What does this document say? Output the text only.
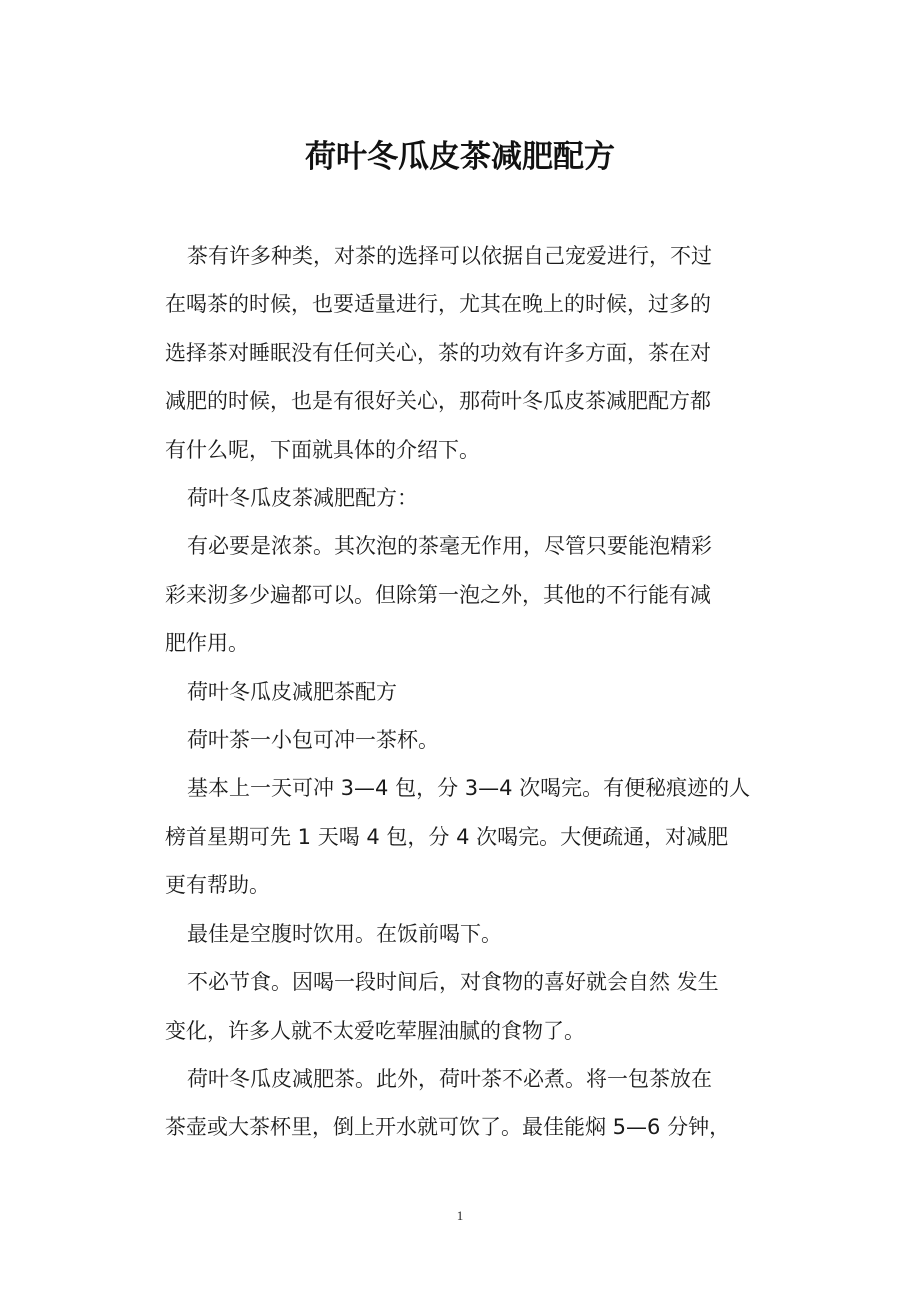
荷叶冬瓜皮茶减肥配方

茶有许多种类，对茶的选择可以依据自己宠爱进行，不过
在喝茶的时候，也要适量进行，尤其在晚上的时候，过多的
选择茶对睡眠没有任何关心，茶的功效有许多方面，茶在对
减肥的时候，也是有很好关心，那荷叶冬瓜皮茶减肥配方都
有什么呢，下面就具体的介绍下。

荷叶冬瓜皮茶减肥配方：

有必要是浓茶。其次泡的茶毫无作用，尽管只要能泡精彩
彩来沏多少遍都可以。但除第一泡之外，其他的不行能有减
肥作用。

荷叶冬瓜皮减肥茶配方

荷叶茶一小包可冲一茶杯。

基本上一天可冲 3—4 包，分 3—4 次喝完。有便秘痕迹的人
榜首星期可先 1 天喝 4 包，分 4 次喝完。大便疏通，对减肥
更有帮助。

最佳是空腹时饮用。在饭前喝下。

不必节食。因喝一段时间后，对食物的喜好就会自然 发生
变化，许多人就不太爱吃荤腥油腻的食物了。

荷叶冬瓜皮减肥茶。此外，荷叶茶不必煮。将一包茶放在
茶壶或大茶杯里，倒上开水就可饮了。最佳能焖 5—6 分钟，

1
